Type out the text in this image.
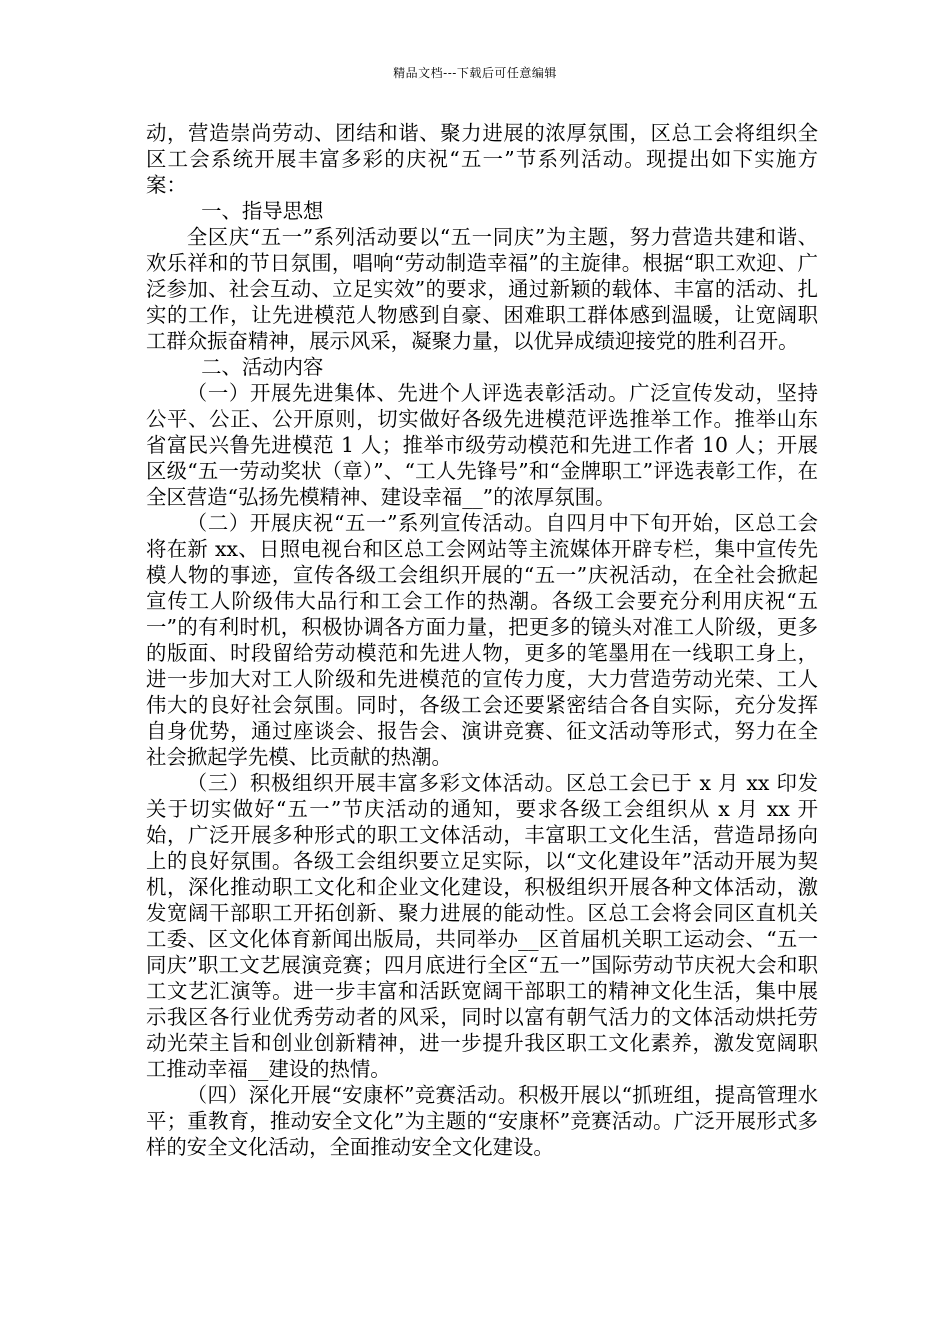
精品文档---下载后可任意编辑

动，营造崇尚劳动、团结和谐、聚力进展的浓厚氛围，区总工会将组织全区工会系统开展丰富多彩的庆祝“五一”节系列活动。现提出如下实施方案：

一、指导思想

全区庆“五一”系列活动要以“五一同庆”为主题，努力营造共建和谐、欢乐祥和的节日氛围，唱响“劳动制造幸福”的主旋律。根据“职工欢迎、广泛参加、社会互动、立足实效”的要求，通过新颖的载体、丰富的活动、扎实的工作，让先进模范人物感到自豪、困难职工群体感到温暖，让宽阔职工群众振奋精神，展示风采，凝聚力量，以优异成绩迎接党的胜利召开。

二、活动内容

（一）开展先进集体、先进个人评选表彰活动。广泛宣传发动，坚持公平、公正、公开原则，切实做好各级先进模范评选推举工作。推举山东省富民兴鲁先进模范 1 人；推举市级劳动模范和先进工作者 10 人；开展区级“五一劳动奖状（章）”、“工人先锋号”和“金牌职工”评选表彰工作，在全区营造“弘扬先模精神、建设幸福__”的浓厚氛围。

（二）开展庆祝“五一”系列宣传活动。自四月中下旬开始，区总工会将在新 xx、日照电视台和区总工会网站等主流媒体开辟专栏，集中宣传先模人物的事迹，宣传各级工会组织开展的“五一”庆祝活动，在全社会掀起宣传工人阶级伟大品行和工会工作的热潮。各级工会要充分利用庆祝“五一”的有利时机，积极协调各方面力量，把更多的镜头对准工人阶级，更多的版面、时段留给劳动模范和先进人物，更多的笔墨用在一线职工身上，进一步加大对工人阶级和先进模范的宣传力度，大力营造劳动光荣、工人伟大的良好社会氛围。同时，各级工会还要紧密结合各自实际，充分发挥自身优势，通过座谈会、报告会、演讲竞赛、征文活动等形式，努力在全社会掀起学先模、比贡献的热潮。

（三）积极组织开展丰富多彩文体活动。区总工会已于 x 月 xx 印发关于切实做好“五一”节庆活动的通知，要求各级工会组织从 x 月 xx 开始，广泛开展多种形式的职工文体活动，丰富职工文化生活，营造昂扬向上的良好氛围。各级工会组织要立足实际，以“文化建设年”活动开展为契机，深化推动职工文化和企业文化建设，积极组织开展各种文体活动，激发宽阔干部职工开拓创新、聚力进展的能动性。区总工会将会同区直机关工委、区文化体育新闻出版局，共同举办__区首届机关职工运动会、“五一同庆”职工文艺展演竞赛；四月底进行全区“五一”国际劳动节庆祝大会和职工文艺汇演等。进一步丰富和活跃宽阔干部职工的精神文化生活，集中展示我区各行业优秀劳动者的风采，同时以富有朝气活力的文体活动烘托劳动光荣主旨和创业创新精神，进一步提升我区职工文化素养，激发宽阔职工推动幸福__建设的热情。

（四）深化开展“安康杯”竞赛活动。积极开展以“抓班组，提高管理水平；重教育，推动安全文化”为主题的“安康杯”竞赛活动。广泛开展形式多样的安全文化活动，全面推动安全文化建设。
